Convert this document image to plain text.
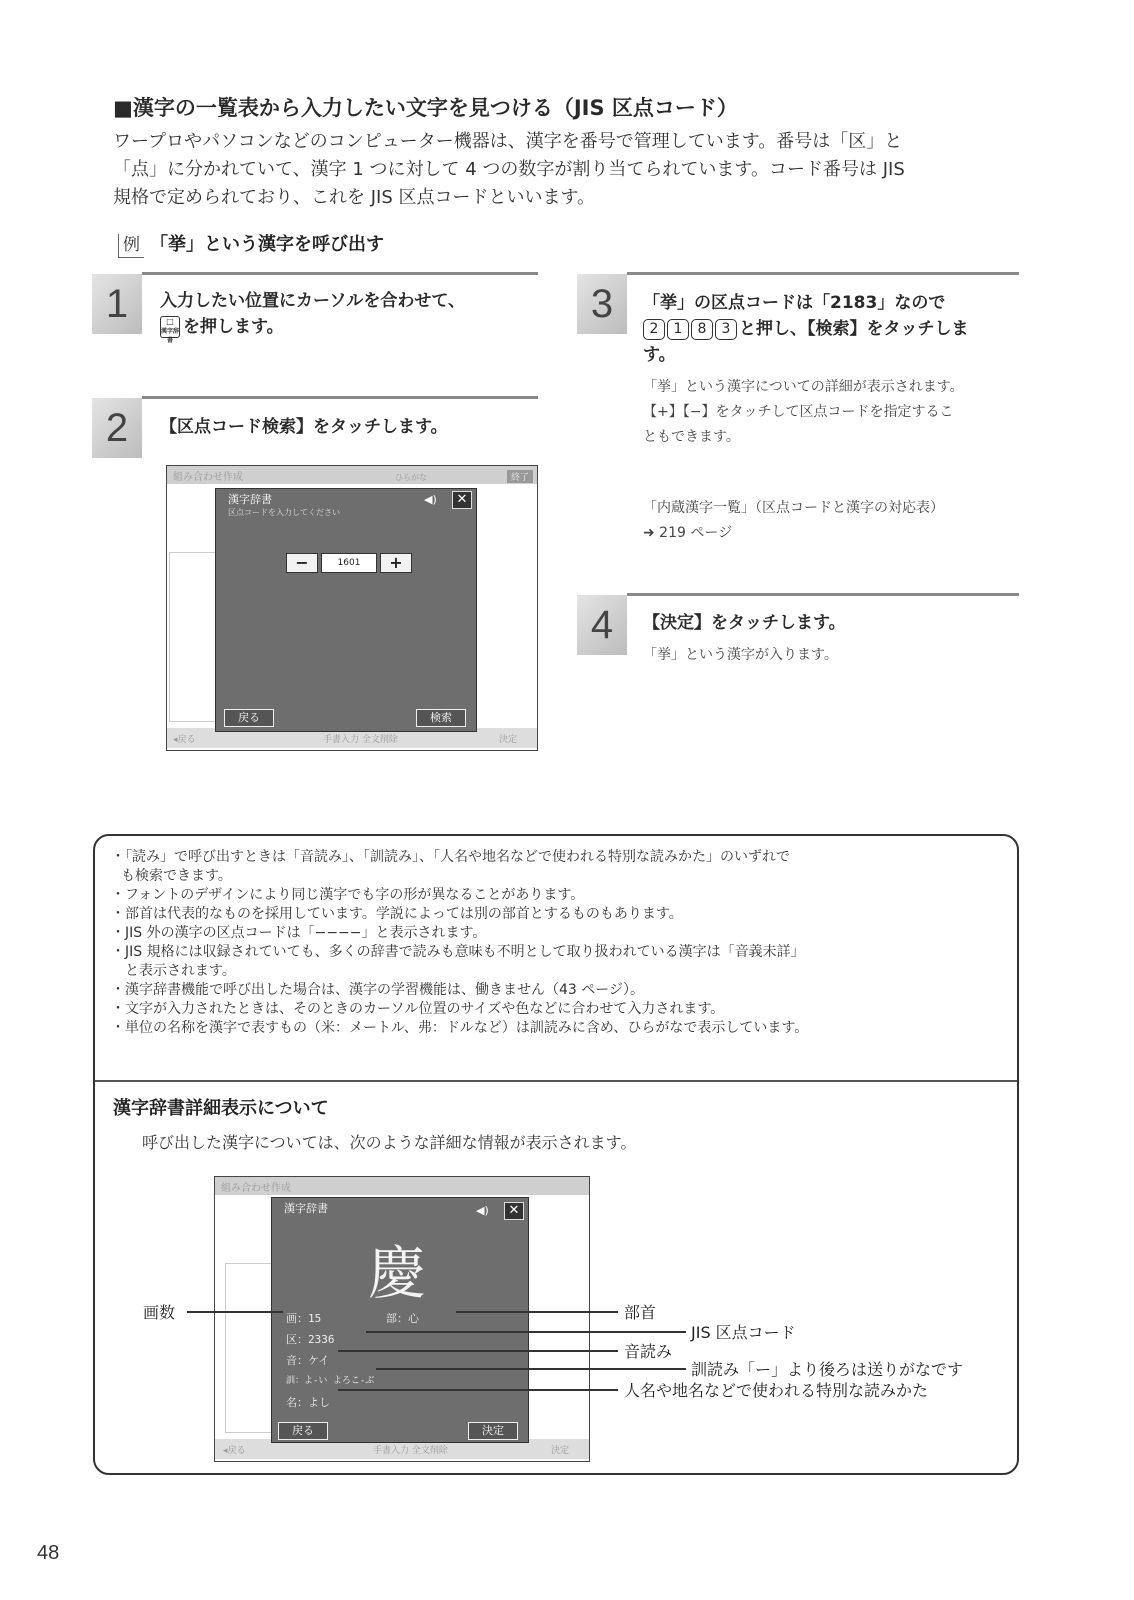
■漢字の一覧表から入力したい文字を見つける（JIS 区点コード）

ワープロやパソコンなどのコンピューター機器は、漢字を番号で管理しています。番号は「区」と

「点」に分かれていて、漢字 1 つに対して 4 つの数字が割り当てられています。コード番号は JIS

規格で定められており、これを JIS 区点コードといいます。

例 「挙」という漢字を呼び出す
1	入力したい位置にカーソルを合わせて、
□
漢字辞書を押します。
2	【区点コード検索】をタッチします。
組み合わせ作成	ひらがな	終了
◂戻る	手書入力 全文削除	決定
漢字辞書
区点コードを入力してください
◀)	✕
−	1601	+
戻る	検索
3	「挙」の区点コードは「2183」なので
2 1 8 3 と押し、【検索】をタッチしま
す。
「挙」という漢字についての詳細が表示されます。
【+】【−】をタッチして区点コードを指定するこ
ともできます。
「内蔵漢字一覧」（区点コードと漢字の対応表）
➜ 219 ページ
4	【決定】をタッチします。
「挙」という漢字が入ります。
・ 「読み」で呼び出すときは「音読み」、「訓読み」、「人名や地名などで使われる特別な読みかた」のいずれで
も検索できます。
・ フォントのデザインにより同じ漢字でも字の形が異なることがあります。
・ 部首は代表的なものを採用しています。学説によっては別の部首とするものもあります。
・ JIS 外の漢字の区点コードは「−−−−」と表示されます。
・ JIS 規格には収録されていても、多くの辞書で読みも意味も不明として取り扱われている漢字は「音義未詳」
と表示されます。
・ 漢字辞書機能で呼び出した場合は、漢字の学習機能は、働きません（43 ページ）。
・ 文字が入力されたときは、そのときのカーソル位置のサイズや色などに合わせて入力されます。
・ 単位の名称を漢字で表すもの（米：メートル、弗：ドルなど）は訓読みに含め、ひらがなで表示しています。
漢字辞書詳細表示について
呼び出した漢字については、次のような詳細な情報が表示されます。
組み合わせ作成
◂戻る	手書入力 全文削除	決定
漢字辞書	◀)	✕
慶
画：15	部：心
区：2336
音：ケイ
訓：よ-い よろこ-ぶ
名：よし
戻る	決定
画数	部首
JIS 区点コード
音読み
訓読み「ー」より後ろは送りがなです
人名や地名などで使われる特別な読みかた
48
